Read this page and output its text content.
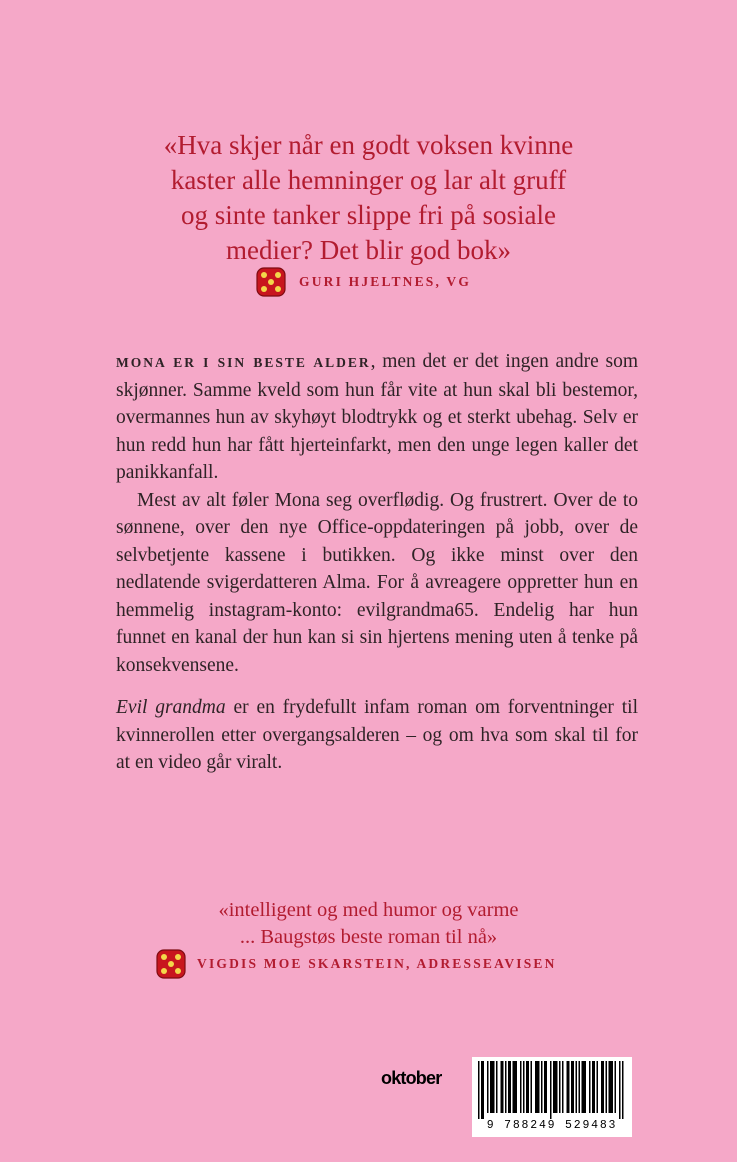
«Hva skjer når en godt voksen kvinne
kaster alle hemninger og lar alt gruff
og sinte tanker slippe fri på sosiale
medier? Det blir god bok»
GURI HJELTNES, VG

MONA ER I SIN BESTE ALDER, men det er det ingen andre som skjønner. Samme kveld som hun får vite at hun skal bli bestemor, overmannes hun av skyhøyt blodtrykk og et sterkt ubehag. Selv er hun redd hun har fått hjerteinfarkt, men den unge legen kaller det panikkanfall.

Mest av alt føler Mona seg overflødig. Og frustrert. Over de to sønnene, over den nye Office-oppdateringen på jobb, over de selvbetjente kassene i butikken. Og ikke minst over den nedlatende svigerdatteren Alma. For å avreagere oppretter hun en hemmelig instagram-konto: evilgrandma65. Endelig har hun funnet en kanal der hun kan si sin hjertens mening uten å tenke på konsekvensene.

Evil grandma er en frydefullt infam roman om forventninger til kvinnerollen etter overgangsalderen – og om hva som skal til for at en video går viralt.

«intelligent og med humor og varme
... Baugstøs beste roman til nå»
VIGDIS MOE SKARSTEIN, ADRESSEAVISEN
oktober
9 788249 529483
